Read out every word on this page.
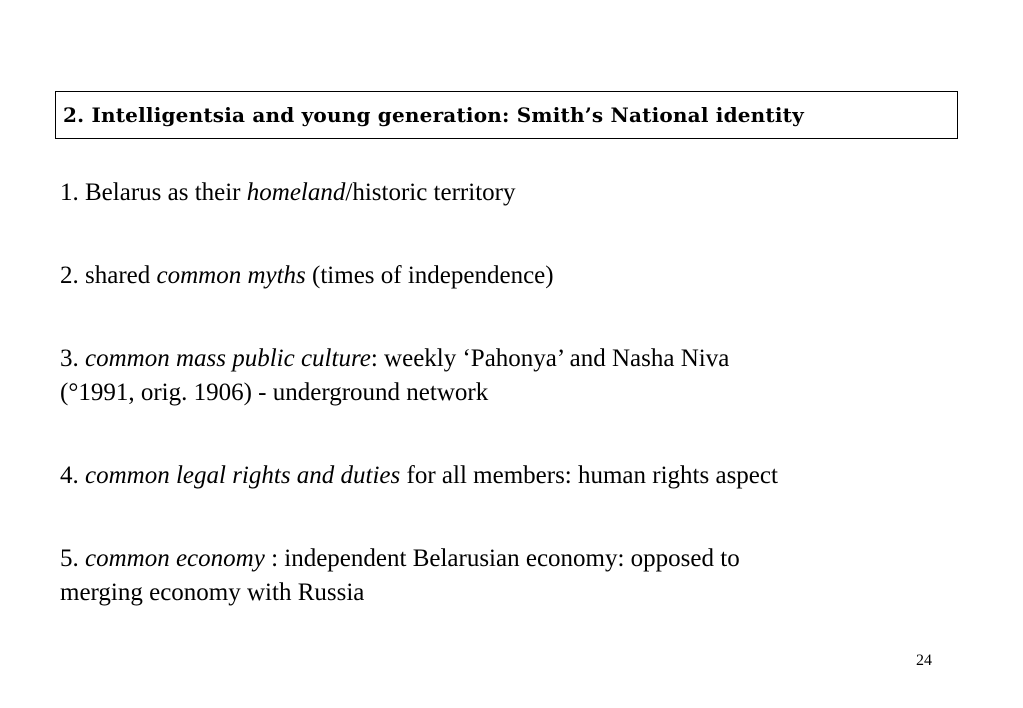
2. Intelligentsia and young generation: Smith’s National identity
1. Belarus as their homeland/historic territory
2. shared common myths (times of independence)
3. common mass public culture: weekly ‘Pahonya’ and Nasha Niva
(°1991, orig. 1906) - underground network
4. common legal rights and duties for all members: human rights aspect
5. common economy : independent Belarusian economy: opposed to
merging economy with Russia
24
